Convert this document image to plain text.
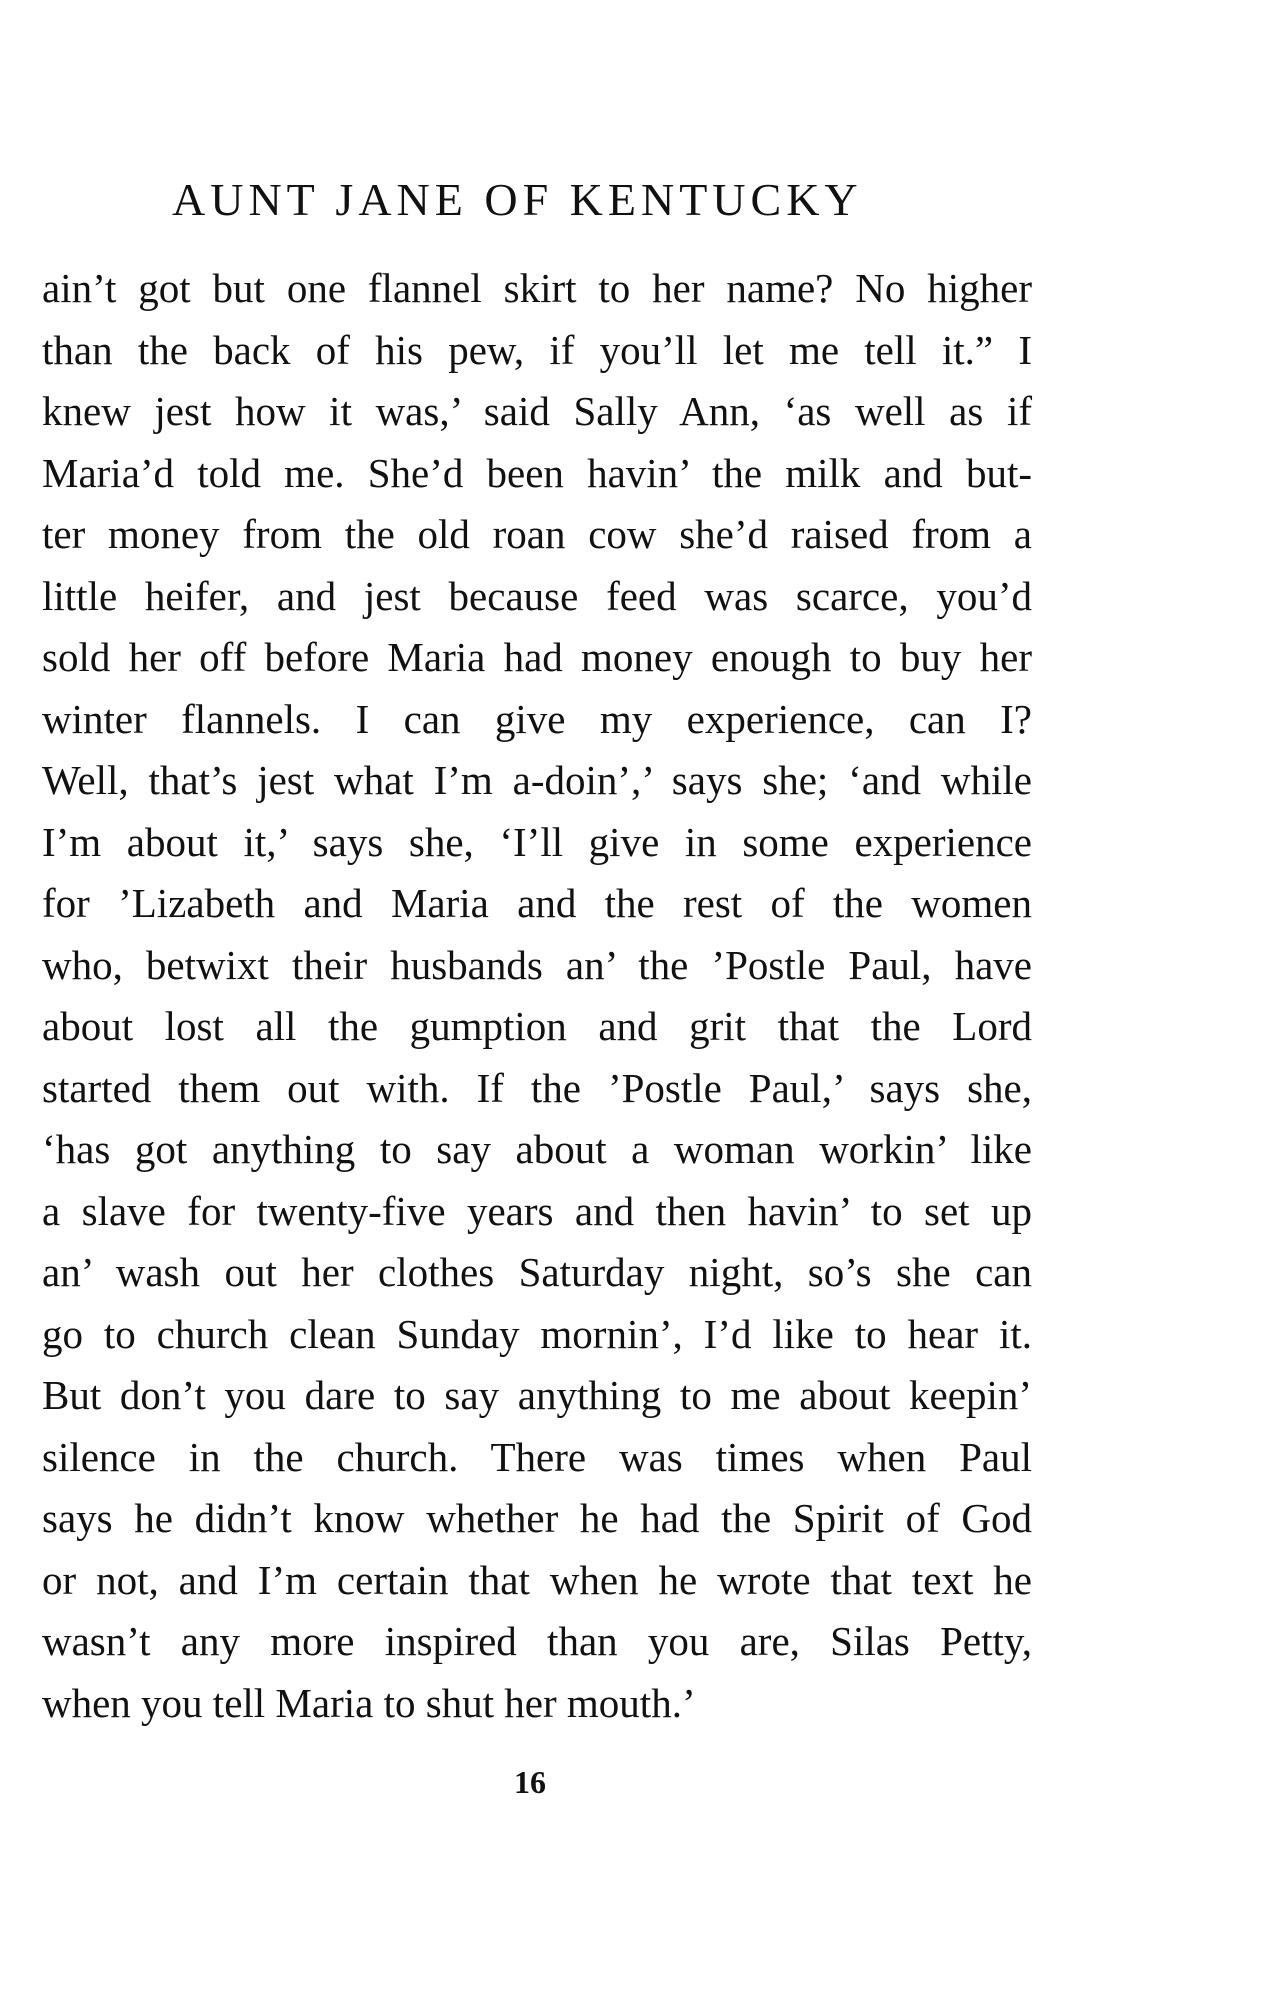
AUNT JANE OF KENTUCKY
ain’t got but one flannel skirt to her name? No higher
than the back of his pew, if you’ll let me tell it.” I
knew jest how it was,’ said Sally Ann, ‘as well as if
Maria’d told me. She’d been havin’ the milk and but-
ter money from the old roan cow she’d raised from a
little heifer, and jest because feed was scarce, you’d
sold her off before Maria had money enough to buy her
winter flannels. I can give my experience, can I?
Well, that’s jest what I’m a-doin’,’ says she; ‘and while
I’m about it,’ says she, ‘I’ll give in some experience
for ’Lizabeth and Maria and the rest of the women
who, betwixt their husbands an’ the ’Postle Paul, have
about lost all the gumption and grit that the Lord
started them out with. If the ’Postle Paul,’ says she,
‘has got anything to say about a woman workin’ like
a slave for twenty-five years and then havin’ to set up
an’ wash out her clothes Saturday night, so’s she can
go to church clean Sunday mornin’, I’d like to hear it.
But don’t you dare to say anything to me about keepin’
silence in the church. There was times when Paul
says he didn’t know whether he had the Spirit of God
or not, and I’m certain that when he wrote that text he
wasn’t any more inspired than you are, Silas Petty,
when you tell Maria to shut her mouth.’
16
